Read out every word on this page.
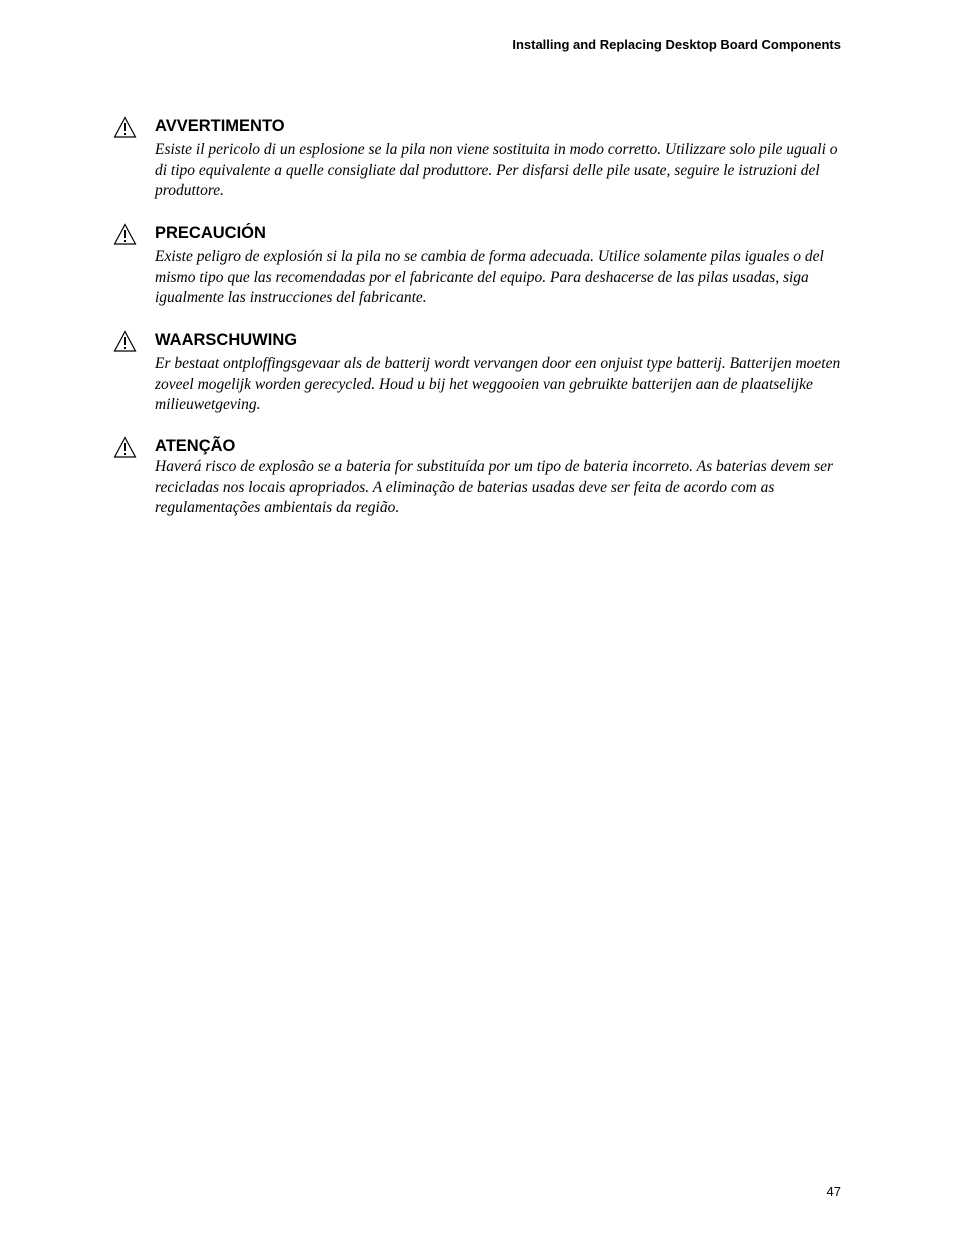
Installing and Replacing Desktop Board Components
AVVERTIMENTO

Esiste il pericolo di un esplosione se la pila non viene sostituita in modo corretto. Utilizzare solo pile uguali o di tipo equivalente a quelle consigliate dal produttore. Per disfarsi delle pile usate, seguire le istruzioni del produttore.

PRECAUCIÓN

Existe peligro de explosión si la pila no se cambia de forma adecuada. Utilice solamente pilas iguales o del mismo tipo que las recomendadas por el fabricante del equipo. Para deshacerse de las pilas usadas, siga igualmente las instrucciones del fabricante.

WAARSCHUWING

Er bestaat ontploffingsgevaar als de batterij wordt vervangen door een onjuist type batterij. Batterijen moeten zoveel mogelijk worden gerecycled. Houd u bij het weggooien van gebruikte batterijen aan de plaatselijke milieuwetgeving.

ATENÇÃO

Haverá risco de explosão se a bateria for substituída por um tipo de bateria incorreto. As baterias devem ser recicladas nos locais apropriados. A eliminação de baterias usadas deve ser feita de acordo com as regulamentações ambientais da região.

47
